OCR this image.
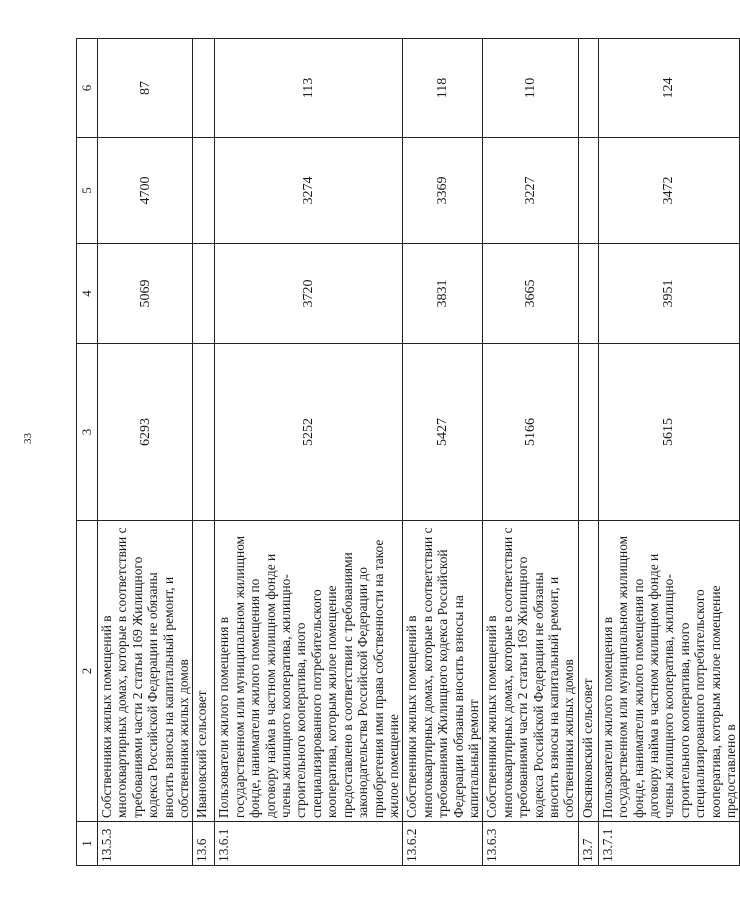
33
1	2	3	4	5	6
13.5.3	Собственники жилых помещений в многоквартирных домах, которые в соответствии с требованиями части 2 статьи 169 Жилищного кодекса Российской Федерации не обязаны вносить взносы на капитальный ремонт, и собственники жилых домов	6293	5069	4700	87
13.6	Ивановский сельсовет				
13.6.1	Пользователи жилого помещения в государственном или муниципальном жилищном фонде, наниматели жилого помещения по договору найма в частном жилищном фонде и члены жилищного кооператива, жилищно-строительного кооператива, иного специализированного потребительского кооператива, которым жилое помещение предоставлено в соответствии с требованиями законодательства Российской Федерации до приобретения ими права собственности на такое жилое помещение	5252	3720	3274	113
13.6.2	Собственники жилых помещений в многоквартирных домах, которые в соответствии с требованиями Жилищного кодекса Российской Федерации обязаны вносить взносы на капитальный ремонт	5427	3831	3369	118
13.6.3	Собственники жилых помещений в многоквартирных домах, которые в соответствии с требованиями части 2 статьи 169 Жилищного кодекса Российской Федерации не обязаны вносить взносы на капитальный ремонт, и собственники жилых домов	5166	3665	3227	110
13.7	Овсянковский сельсовет				
13.7.1	Пользователи жилого помещения в государственном или муниципальном жилищном фонде, наниматели жилого помещения по договору найма в частном жилищном фонде и члены жилищного кооператива, жилищно-строительного кооператива, иного специализированного потребительского кооператива, которым жилое помещение предоставлено в	5615	3951	3472	124
